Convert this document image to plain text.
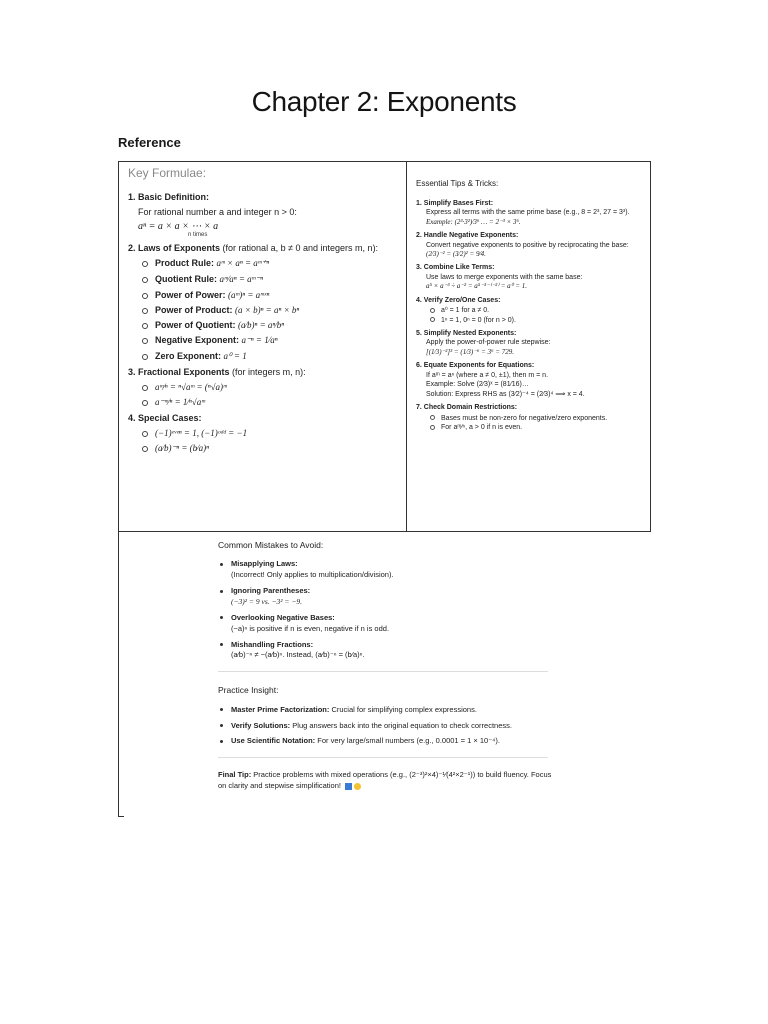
Chapter 2: Exponents
Reference
Key Formulae:
1. Basic Definition:
For rational number a and integer n > 0:
aⁿ = a × a × ⋯ × a
n times
2. Laws of Exponents (for rational a, b ≠ 0 and integers m, n):
Product Rule: aᵐ × aⁿ = aᵐ⁺ⁿ
Quotient Rule: aᵐ⁄aⁿ = aᵐ⁻ⁿ
Power of Power: (aᵐ)ⁿ = aᵐˣⁿ
Power of Product: (a × b)ⁿ = aⁿ × bⁿ
Power of Quotient: (a⁄b)ⁿ = aⁿ⁄bⁿ
Negative Exponent: a⁻ⁿ = 1⁄aⁿ
Zero Exponent: a⁰ = 1
3. Fractional Exponents (for integers m, n):
aᵐ⁄ⁿ = ⁿ√aᵐ = (ⁿ√a)ᵐ
a⁻ᵐ⁄ⁿ = 1⁄ⁿ√aᵐ
4. Special Cases:
(−1)ᵉᵛᵉⁿ = 1, (−1)ᵒᵈᵈ = −1
(a⁄b)⁻ⁿ = (b⁄a)ⁿ
Essential Tips & Tricks:
1. Simplify Bases First:
Express all terms with the same prime base (e.g., 8 = 2³, 27 = 3³).
Example: (2³·3²)⁄3⁶ … = 2⁻³ × 3⁶.
2. Handle Negative Exponents:
Convert negative exponents to positive by reciprocating the base:
(2⁄3)⁻² = (3⁄2)² = 9⁄4.
3. Combine Like Terms:
Use laws to merge exponents with the same base:
a⁵ × a⁻³ ÷ a⁻² = a⁵⁻³⁻⁽⁻²⁾ = a⁰ = 1.
4. Verify Zero/One Cases:
a⁰ = 1 for a ≠ 0.
1ⁿ = 1, 0ⁿ = 0 (for n > 0).
5. Simplify Nested Exponents:
Apply the power-of-power rule stepwise:
[(1⁄3)⁻²]³ = (1⁄3)⁻⁶ = 3⁶ = 729.
6. Equate Exponents for Equations:
If aᵐ = aⁿ (where a ≠ 0, ±1), then m = n.
Example: Solve (2⁄3)ˣ = (81⁄16)…
Solution: Express RHS as (3⁄2)⁻⁴ = (2⁄3)⁴ ⟹ x = 4.
7. Check Domain Restrictions:
Bases must be non-zero for negative/zero exponents.
For aᵐ⁄ⁿ, a > 0 if n is even.
Common Mistakes to Avoid:
Misapplying Laws:
(Incorrect! Only applies to multiplication/division).
Ignoring Parentheses:
(−3)² = 9 vs. −3² = −9.
Overlooking Negative Bases:
(−a)ⁿ is positive if n is even, negative if n is odd.
Mishandling Fractions:
(a⁄b)⁻ⁿ ≠ −(a⁄b)ⁿ. Instead, (a⁄b)⁻ⁿ = (b⁄a)ⁿ.
Practice Insight:
Master Prime Factorization: Crucial for simplifying complex expressions.
Verify Solutions: Plug answers back into the original equation to check correctness.
Use Scientific Notation: For very large/small numbers (e.g., 0.0001 = 1 × 10⁻⁴).
Final Tip: Practice problems with mixed operations (e.g., (2⁻³)²×4)⁻¹⁄(4²×2⁻¹)) to build fluency. Focus on clarity and stepwise simplification!
